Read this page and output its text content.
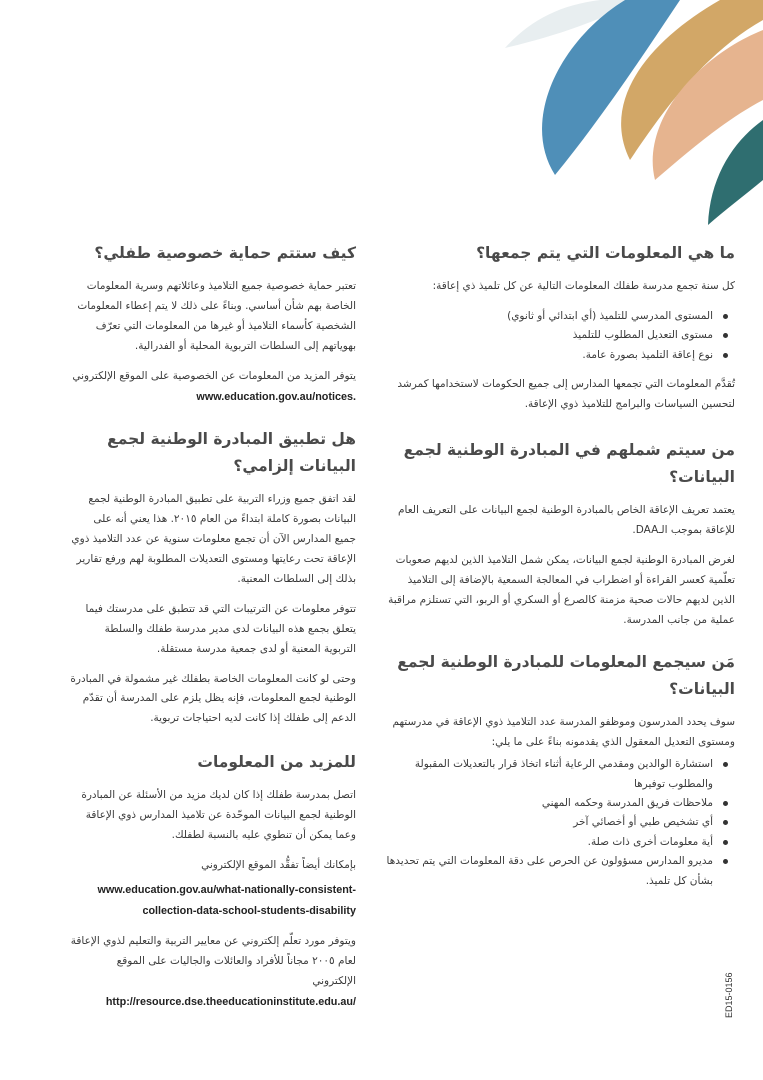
ما هي المعلومات التي يتم جمعها؟

كل سنة تجمع مدرسة طفلك المعلومات التالية عن كل تلميذ ذي إعاقة:

المستوى المدرسي للتلميذ (أي ابتدائي أو ثانوي)
مستوى التعديل المطلوب للتلميذ
نوع إعاقة التلميذ بصورة عامة.

تُقدَّم المعلومات التي تجمعها المدارس إلى جميع الحكومات لاستخدامها كمرشد لتحسين السياسات والبرامج للتلاميذ ذوي الإعاقة.

من سيتم شملهم في المبادرة الوطنية لجمع البيانات؟

يعتمد تعريف الإعاقة الخاص بالمبادرة الوطنية لجمع البيانات على التعريف العام للإعاقة بموجب الـDAA.

لغرض المبادرة الوطنية لجمع البيانات، يمكن شمل التلاميذ الذين لديهم صعوبات تعلّمية كعسر القراءة أو اضطراب في المعالجة السمعية بالإضافة إلى التلاميذ الذين لديهم حالات صحية مزمنة كالصرع أو السكري أو الربو، التي تستلزم مراقبة عملية من جانب المدرسة.

مَن سيجمع المعلومات للمبادرة الوطنية لجمع البيانات؟

سوف يحدد المدرسون وموظفو المدرسة عدد التلاميذ ذوي الإعاقة في مدرستهم ومستوى التعديل المعقول الذي يقدمونه بناءً على ما يلي:

استشارة الوالدين ومقدمي الرعاية أثناء اتخاذ قرار بالتعديلات المقبولة والمطلوب توفيرها
ملاحظات فريق المدرسة وحكمه المهني
أي تشخيص طبي أو أخصائي آخر
أية معلومات أخرى ذات صلة.
مديرو المدارس مسؤولون عن الحرص على دقة المعلومات التي يتم تحديدها بشأن كل تلميذ.
كيف ستتم حماية خصوصية طفلي؟

تعتبر حماية خصوصية جميع التلاميذ وعائلاتهم وسرية المعلومات الخاصة بهم شأن أساسي. وبناءً على ذلك لا يتم إعطاء المعلومات الشخصية كأسماء التلاميذ أو غيرها من المعلومات التي تعرّف بهوياتهم إلى السلطات التربوية المحلية أو الفدرالية.

يتوفر المزيد من المعلومات عن الخصوصية على الموقع الإلكتروني

www.education.gov.au/notices.

هل تطبيق المبادرة الوطنية لجمع البيانات إلزامي؟

لقد اتفق جميع وزراء التربية على تطبيق المبادرة الوطنية لجمع البيانات بصورة كاملة ابتداءً من العام ٢٠١٥. هذا يعني أنه على جميع المدارس الآن أن تجمع معلومات سنوية عن عدد التلاميذ ذوي الإعاقة تحت رعايتها ومستوى التعديلات المطلوبة لهم ورفع تقارير بذلك إلى السلطات المعنية.

تتوفر معلومات عن الترتيبات التي قد تتطبق على مدرستك فيما يتعلق بجمع هذه البيانات لدى مدير مدرسة طفلك والسلطة التربوية المعنية أو لدى جمعية مدرسة مستقلة.

وحتى لو كانت المعلومات الخاصة بطفلك غير مشمولة في المبادرة الوطنية لجمع المعلومات، فإنه يظل يلزم على المدرسة أن تقدّم الدعم إلى طفلك إذا كانت لديه احتياجات تربوية.

للمزيد من المعلومات

اتصل بمدرسة طفلك إذا كان لديك مزيد من الأسئلة عن المبادرة الوطنية لجمع البيانات الموحّدة عن تلاميذ المدارس ذوي الإعاقة وعما يمكن أن تنطوي عليه بالنسبة لطفلك.

بإمكانك أيضاً تفقُّد الموقع الإلكتروني

www.education.gov.au/what-nationally-consistent-collection-data-school-students-disability

ويتوفر مورد تعلّم إلكتروني عن معايير التربية والتعليم لذوي الإعاقة لعام ٢٠٠٥ مجاناً للأفراد والعائلات والجاليات على الموقع الإلكتروني

http://resource.dse.theeducationinstitute.edu.au/	ED15-0156
